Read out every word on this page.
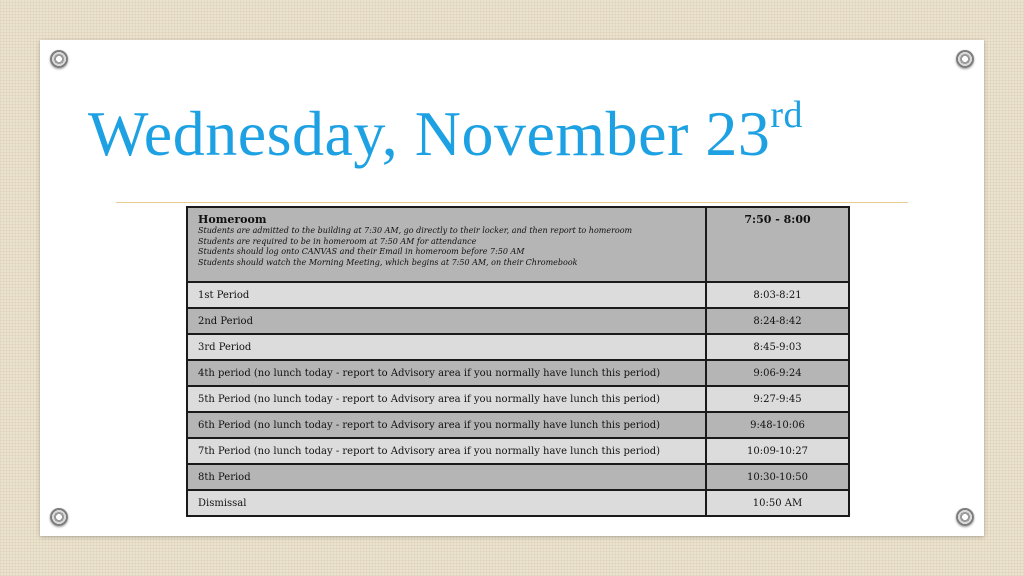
Wednesday, November 23rd
Homeroom
Students are admitted to the building at 7:30 AM, go directly to their locker, and then report to homeroom
Students are required to be in homeroom at 7:50 AM for attendance
Students should log onto CANVAS and their Email in homeroom before 7:50 AM
Students should watch the Morning Meeting, which begins at 7:50 AM, on their Chromebook	7:50 - 8:00
1st Period	8:03-8:21
2nd Period	8:24-8:42
3rd Period	8:45-9:03
4th period (no lunch today - report to Advisory area if you normally have lunch this period)	9:06-9:24
5th Period (no lunch today - report to Advisory area if you normally have lunch this period)	9:27-9:45
6th Period (no lunch today - report to Advisory area if you normally have lunch this period)	9:48-10:06
7th Period (no lunch today - report to Advisory area if you normally have lunch this period)	10:09-10:27
8th Period	10:30-10:50
Dismissal	10:50 AM
